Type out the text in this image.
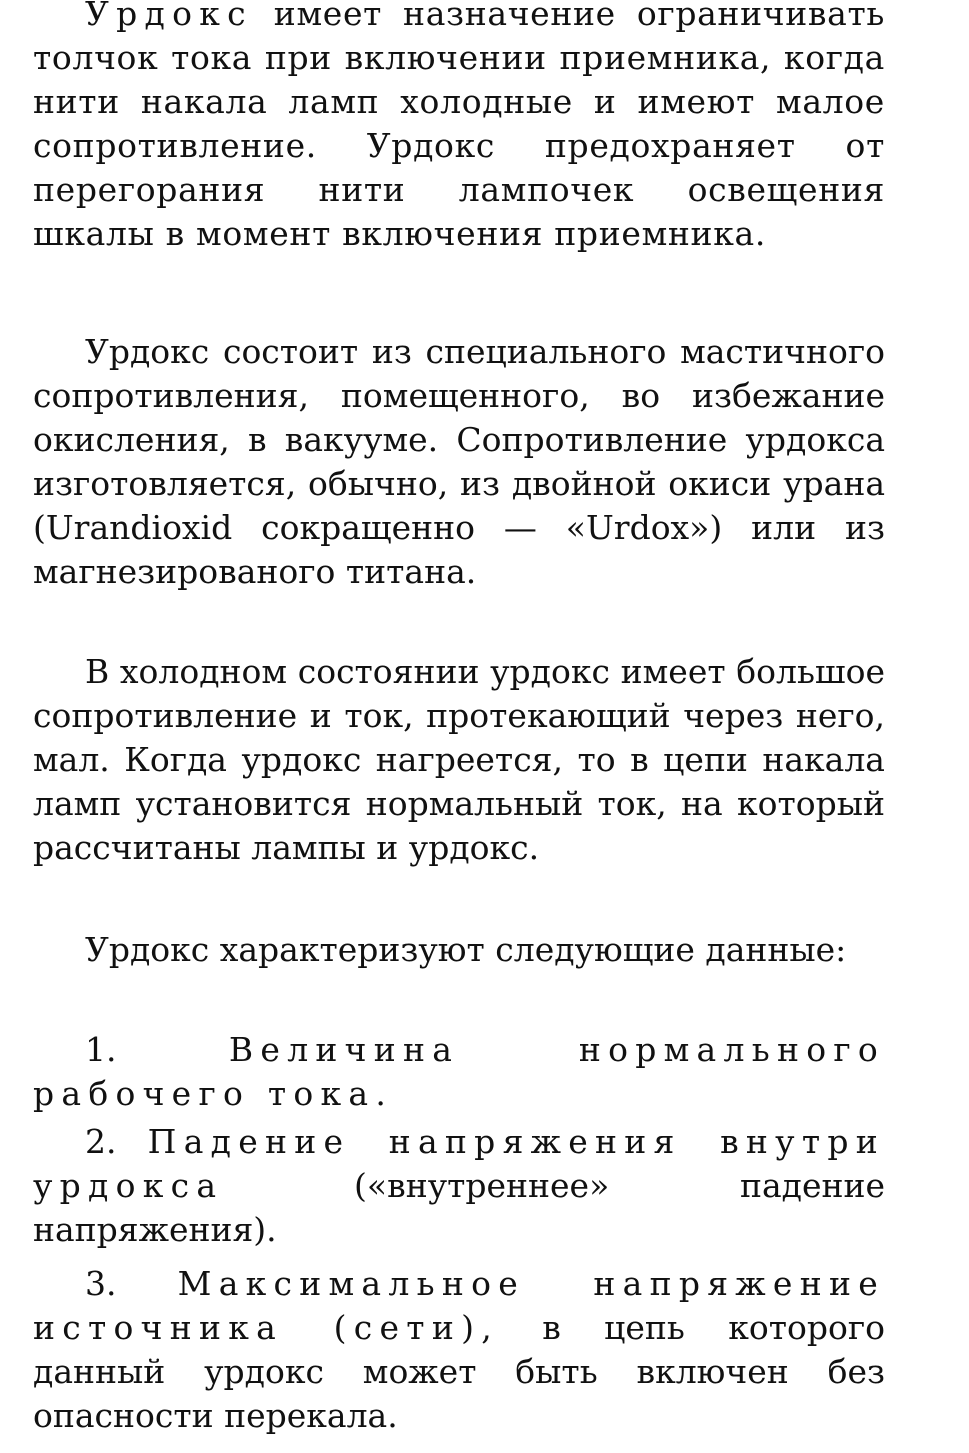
Урдокс имеет назначение ограничивать толчок тока при включении приемника, когда нити накала ламп холодные и имеют малое сопротивление. Урдокс предохраняет от перегорания нити лампочек освещения шкалы в момент включения приемника.

Урдокс состоит из специального мастичного сопротивления, помещенного, во избежание окисления, в вакууме. Сопротивление урдокса изготовляется, обычно, из двойной окиси урана (Urandioxid сокращенно — «Urdox») или из магнезированого титана.

В холодном состоянии урдокс имеет большое сопротивление и ток, протекающий через него, мал. Когда урдокс нагреется, то в цепи накала ламп установится нормальный ток, на который рассчитаны лампы и урдокс.

Урдокс характеризуют следующие данные:

1.	Величина нормального рабочего тока.

2. Падение напряжения внутри урдокса («внутреннее» падение напряжения).

3. Максимальное напряжение источника (сети), в цепь которого данный урдокс может быть включен без опасности перекала.
